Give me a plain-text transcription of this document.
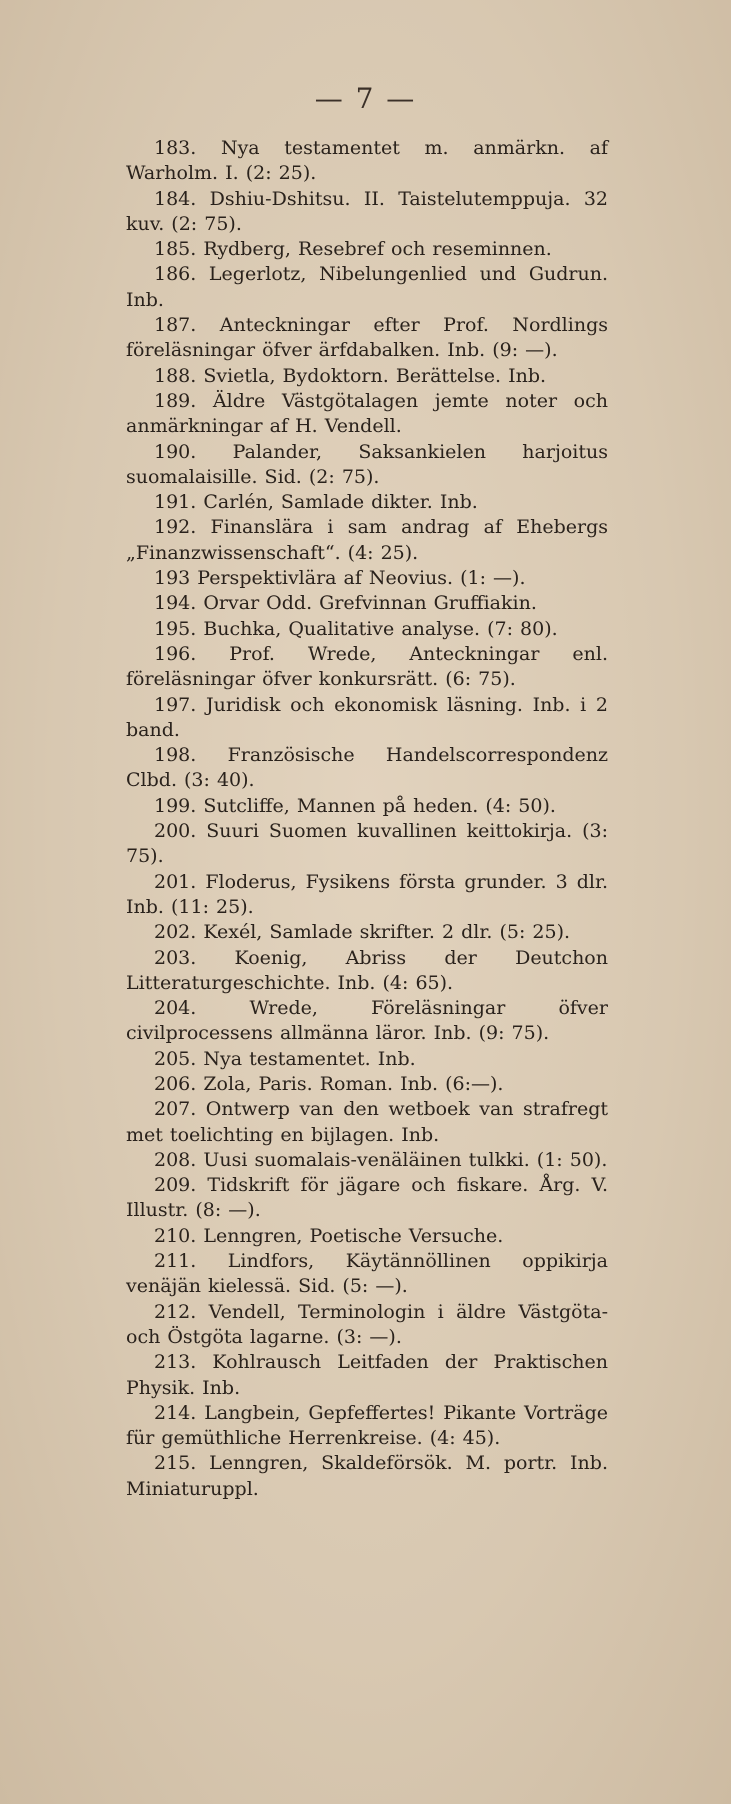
— 7 —

183. Nya testamentet m. anmärkn. af Warholm. I. (2: 25).

184. Dshiu-Dshitsu. II. Taistelutemppuja. 32 kuv. (2: 75).

185. Rydberg, Resebref och reseminnen.

186. Legerlotz, Nibelungenlied und Gudrun. Inb.

187. Anteckningar efter Prof. Nordlings föreläsningar öfver ärfdabalken. Inb. (9: —).

188. Svietla, Bydoktorn. Berättelse. Inb.

189. Äldre Västgötalagen jemte noter och anmärkningar af H. Vendell.

190. Palander, Saksankielen harjoitus suomalaisille. Sid. (2: 75).

191. Carlén, Samlade dikter. Inb.

192. Finanslära i sam andrag af Ehebergs „Finanzwissenschaft“. (4: 25).

193 Perspektivlära af Neovius. (1: —).

194. Orvar Odd. Grefvinnan Gruffiakin.

195. Buchka, Qualitative analyse. (7: 80).

196. Prof. Wrede, Anteckningar enl. föreläsningar öfver konkursrätt. (6: 75).

197. Juridisk och ekonomisk läsning. Inb. i 2 band.

198. Französische Handelscorrespondenz Clbd. (3: 40).

199. Sutcliffe, Mannen på heden. (4: 50).

200. Suuri Suomen kuvallinen keittokirja. (3: 75).

201. Floderus, Fysikens första grunder. 3 dlr. Inb. (11: 25).

202. Kexél, Samlade skrifter. 2 dlr. (5: 25).

203. Koenig, Abriss der Deutchon Litteraturgeschichte. Inb. (4: 65).

204. Wrede, Föreläsningar öfver civilprocessens allmänna läror. Inb. (9: 75).

205. Nya testamentet. Inb.

206. Zola, Paris. Roman. Inb. (6:—).

207. Ontwerp van den wetboek van strafregt met toelichting en bijlagen. Inb.

208. Uusi suomalais-venäläinen tulkki. (1: 50).

209. Tidskrift för jägare och fiskare. Årg. V. Illustr. (8: —).

210. Lenngren, Poetische Versuche.

211. Lindfors, Käytännöllinen oppikirja venäjän kielessä. Sid. (5: —).

212. Vendell, Terminologin i äldre Västgöta- och Östgöta lagarne. (3: —).

213. Kohlrausch Leitfaden der Praktischen Physik. Inb.

214. Langbein, Gepfeffertes! Pikante Vorträge für gemüthliche Herrenkreise. (4: 45).

215. Lenngren, Skaldeförsök. M. portr. Inb. Miniaturuppl.
